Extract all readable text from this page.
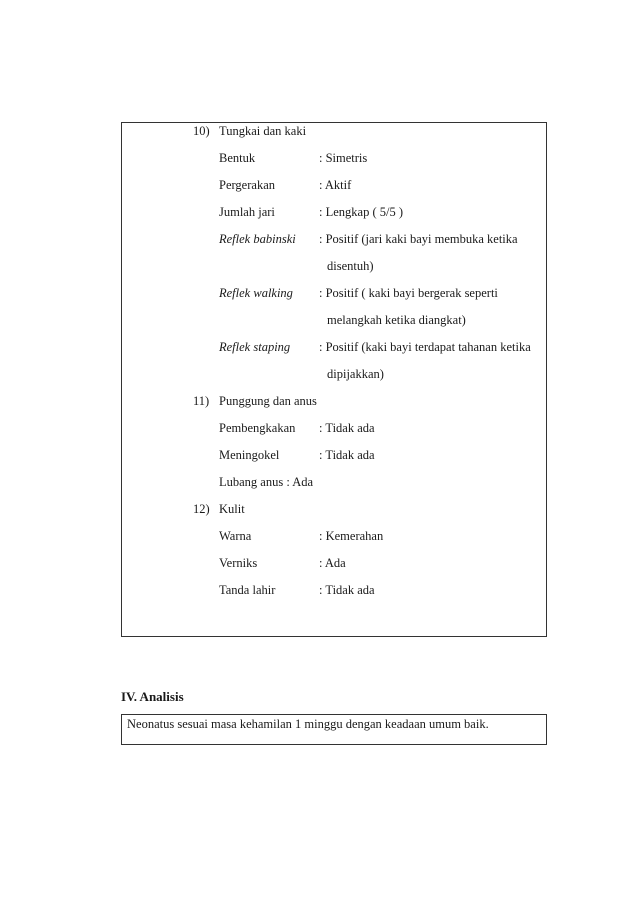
10) Tungkai dan kaki
Bentuk	: Simetris
Pergerakan	: Aktif
Jumlah jari	: Lengkap ( 5/5 )
Reflek babinski : Positif (jari kaki bayi membuka ketika
disentuh)
Reflek walking : Positif ( kaki bayi bergerak seperti
melangkah ketika diangkat)
Reflek staping : Positif (kaki bayi terdapat tahanan ketika
dipijakkan)
11) Punggung dan anus
Pembengkakan : Tidak ada
Meningokel	: Tidak ada
Lubang anus : Ada
12) Kulit
Warna	: Kemerahan
Verniks	: Ada
Tanda lahir	: Tidak ada
IV. Analisis
Neonatus sesuai masa kehamilan 1 minggu dengan keadaan umum baik.
